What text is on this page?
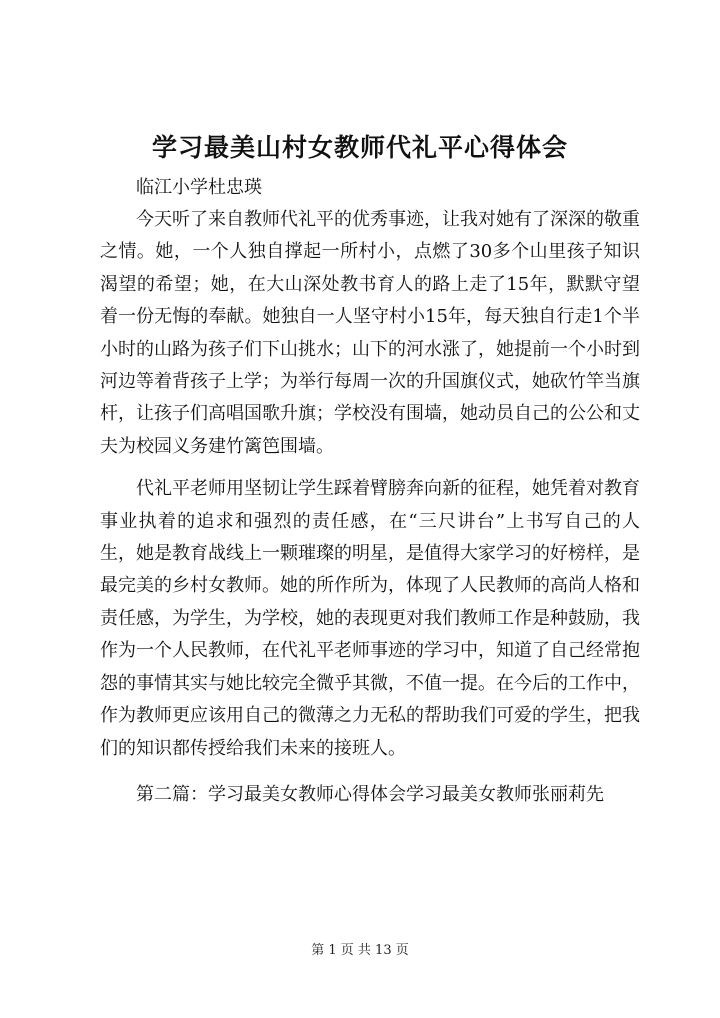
学习最美山村女教师代礼平心得体会

临江小学杜忠瑛

今天听了来自教师代礼平的优秀事迹，让我对她有了深深的敬重之情。她，一个人独自撑起一所村小，点燃了30多个山里孩子知识渴望的希望；她，在大山深处教书育人的路上走了15年，默默守望着一份无悔的奉献。她独自一人坚守村小15年，每天独自行走1个半小时的山路为孩子们下山挑水；山下的河水涨了，她提前一个小时到河边等着背孩子上学；为举行每周一次的升国旗仪式，她砍竹竿当旗杆，让孩子们高唱国歌升旗；学校没有围墙，她动员自己的公公和丈夫为校园义务建竹篱笆围墙。

代礼平老师用坚韧让学生踩着臂膀奔向新的征程，她凭着对教育事业执着的追求和强烈的责任感，在“三尺讲台”上书写自己的人生，她是教育战线上一颗璀璨的明星，是值得大家学习的好榜样，是最完美的乡村女教师。她的所作所为，体现了人民教师的高尚人格和责任感，为学生，为学校，她的表现更对我们教师工作是种鼓励，我作为一个人民教师，在代礼平老师事迹的学习中，知道了自己经常抱怨的事情其实与她比较完全微乎其微，不值一提。在今后的工作中，作为教师更应该用自己的微薄之力无私的帮助我们可爱的学生，把我们的知识都传授给我们未来的接班人。

第二篇：学习最美女教师心得体会学习最美女教师张丽莉先

第 1 页 共 13 页
